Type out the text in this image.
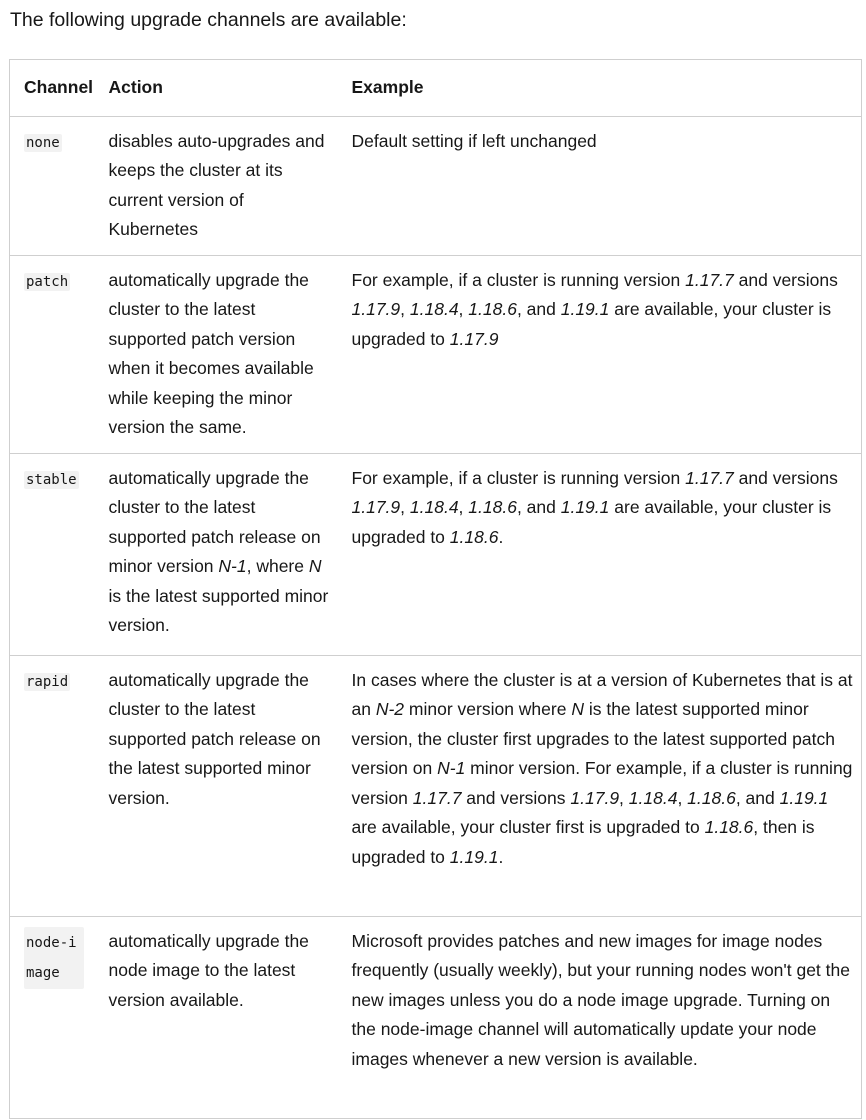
The following upgrade channels are available:

Channel	Action	Example
none	disables auto-upgrades and keeps the cluster at its current version of Kubernetes	Default setting if left unchanged
patch	automatically upgrade the cluster to the latest supported patch version when it becomes available while keeping the minor version the same.	For example, if a cluster is running version 1.17.7 and versions 1.17.9, 1.18.4, 1.18.6, and 1.19.1 are available, your cluster is upgraded to 1.17.9
stable	automatically upgrade the cluster to the latest supported patch release on minor version N-1, where N is the latest supported minor version.	For example, if a cluster is running version 1.17.7 and versions 1.17.9, 1.18.4, 1.18.6, and 1.19.1 are available, your cluster is upgraded to 1.18.6.
rapid	automatically upgrade the cluster to the latest supported patch release on the latest supported minor version.	In cases where the cluster is at a version of Kubernetes that is at an N-2 minor version where N is the latest supported minor version, the cluster first upgrades to the latest supported patch version on N-1 minor version. For example, if a cluster is running version 1.17.7 and versions 1.17.9, 1.18.4, 1.18.6, and 1.19.1 are available, your cluster first is upgraded to 1.18.6, then is upgraded to 1.19.1.
node-image	automatically upgrade the node image to the latest version available.	Microsoft provides patches and new images for image nodes frequently (usually weekly), but your running nodes won't get the new images unless you do a node image upgrade. Turning on the node-image channel will automatically update your node images whenever a new version is available.
